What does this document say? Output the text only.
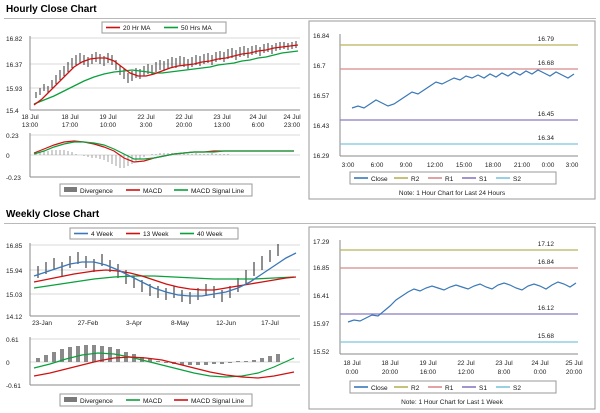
Hourly Close Chart
20 Hr MA	50 Hrs MA
16.82
16.37
15.93
15.4
18 Jul
13:00
18 Jul
17:00
19 Jul
10:00
22 Jul
3:00
22 Jul
20:00
23 Jul
13:00
24 Jul
6:00
24 Jul
23:00
0.23
0
-0.23
Divergence	MACD	MACD Signal Line
16.84
16.7
16.57
16.43
16.29
16.79
16.68
16.45
16.34
3:00	6:00	9:00 12:00 15:00 18:00 21:00 0:00 3:00
Close	R2	R1	S1	S2
Note: 1 Hour Chart for Last 24 Hours
Weekly Close Chart
4 Week	13 Week	40 Week
16.85
15.94
15.03
14.12
23-Jan	27-Feb	3-Apr	8-May	12-Jun	17-Jul
0.61
0
-0.61
Divergence	MACD	MACD Signal Line
17.29
16.85
16.41
15.97
15.52
17.12
16.84
16.12
15.68
18 Jul
0:00
18 Jul
20:00
19 Jul
16:00
22 Jul
12:00
23 Jul
8:00
24 Jul
0:00
25 Jul
20:00
Close	R2	R1	S1	S2
Note: 1 Hour Chart for Last 1 Week
